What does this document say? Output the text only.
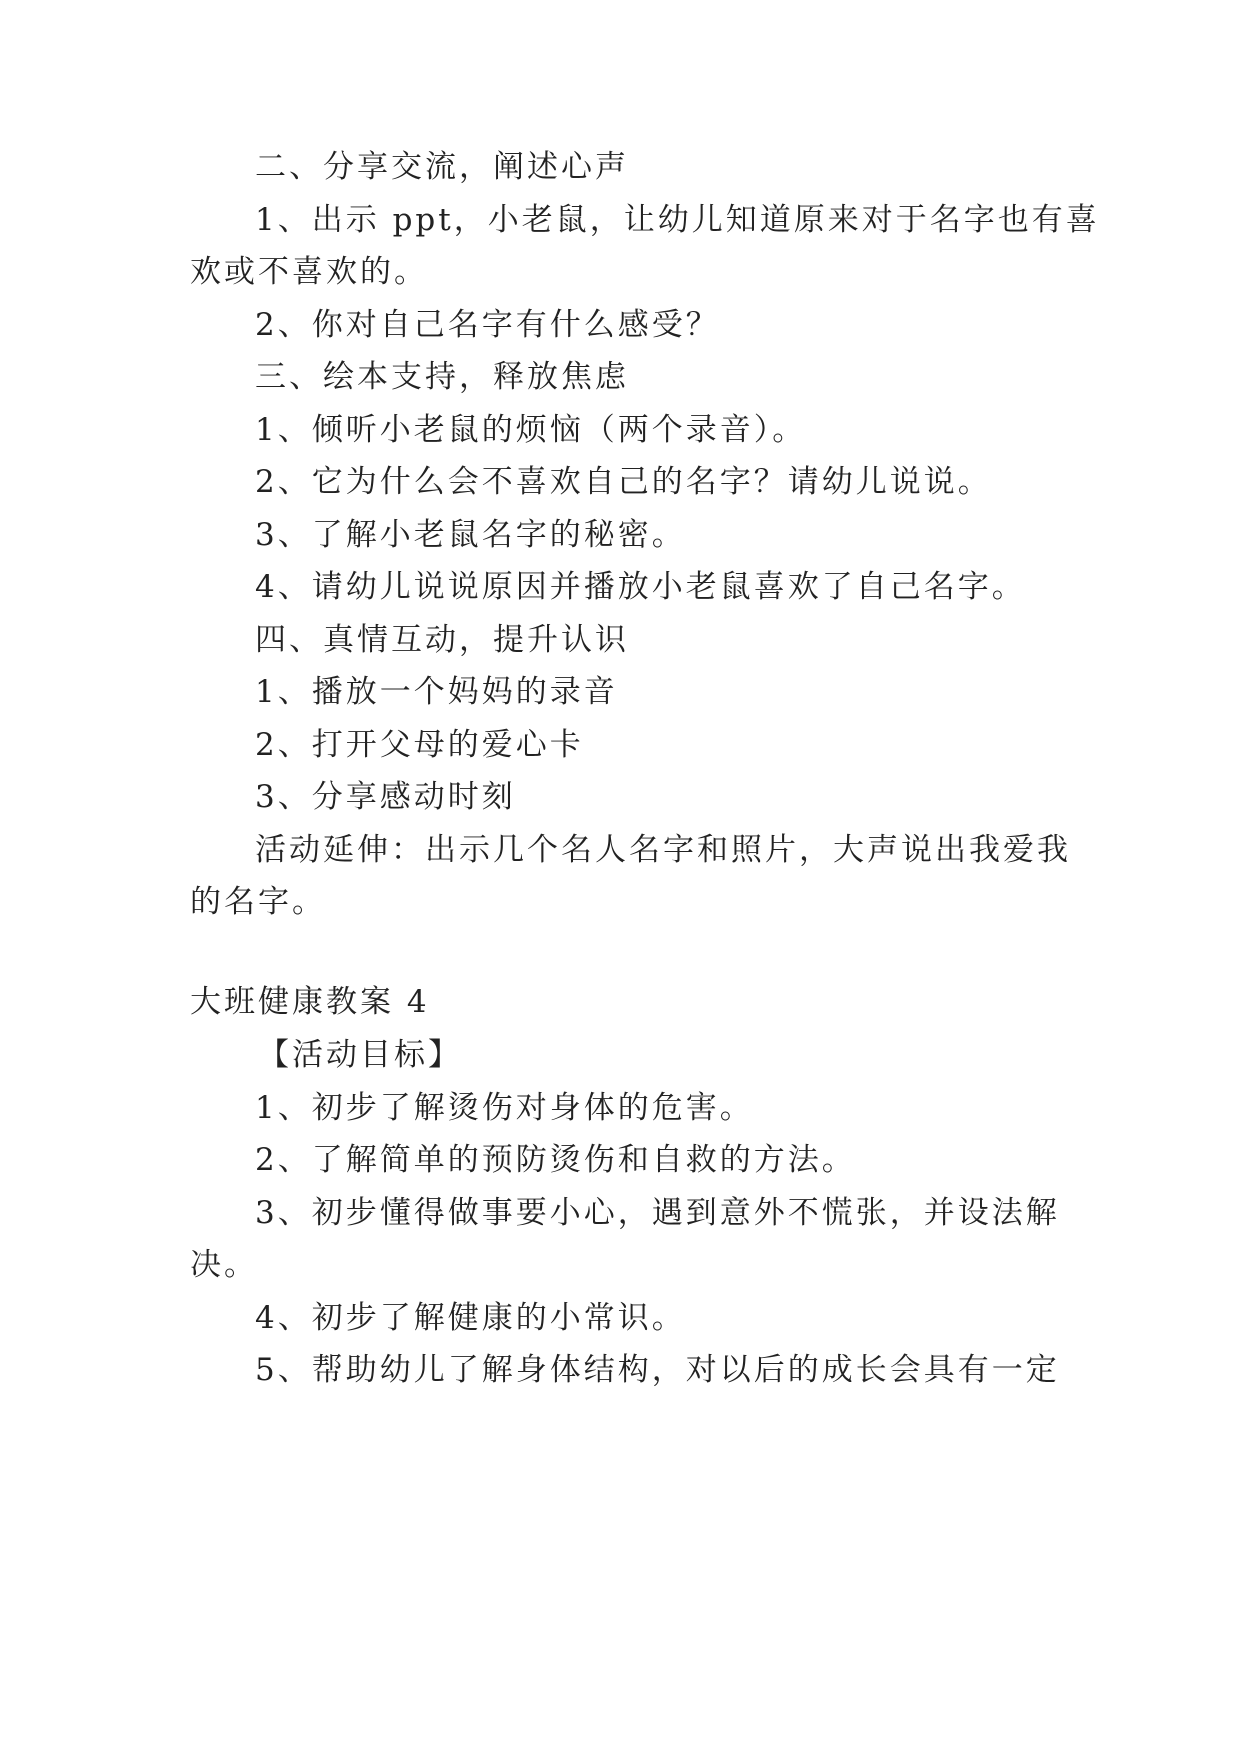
二、分享交流，阐述心声
1、出示 ppt，小老鼠，让幼儿知道原来对于名字也有喜
欢或不喜欢的。
2、你对自己名字有什么感受？
三、绘本支持，释放焦虑
1、倾听小老鼠的烦恼（两个录音）。
2、它为什么会不喜欢自己的名字？请幼儿说说。
3、了解小老鼠名字的秘密。
4、请幼儿说说原因并播放小老鼠喜欢了自己名字。
四、真情互动，提升认识
1、播放一个妈妈的录音
2、打开父母的爱心卡
3、分享感动时刻
活动延伸：出示几个名人名字和照片，大声说出我爱我
的名字。
大班健康教案 4
【活动目标】
1、初步了解烫伤对身体的危害。
2、了解简单的预防烫伤和自救的方法。
3、初步懂得做事要小心，遇到意外不慌张，并设法解
决。
4、初步了解健康的小常识。
5、帮助幼儿了解身体结构，对以后的成长会具有一定
